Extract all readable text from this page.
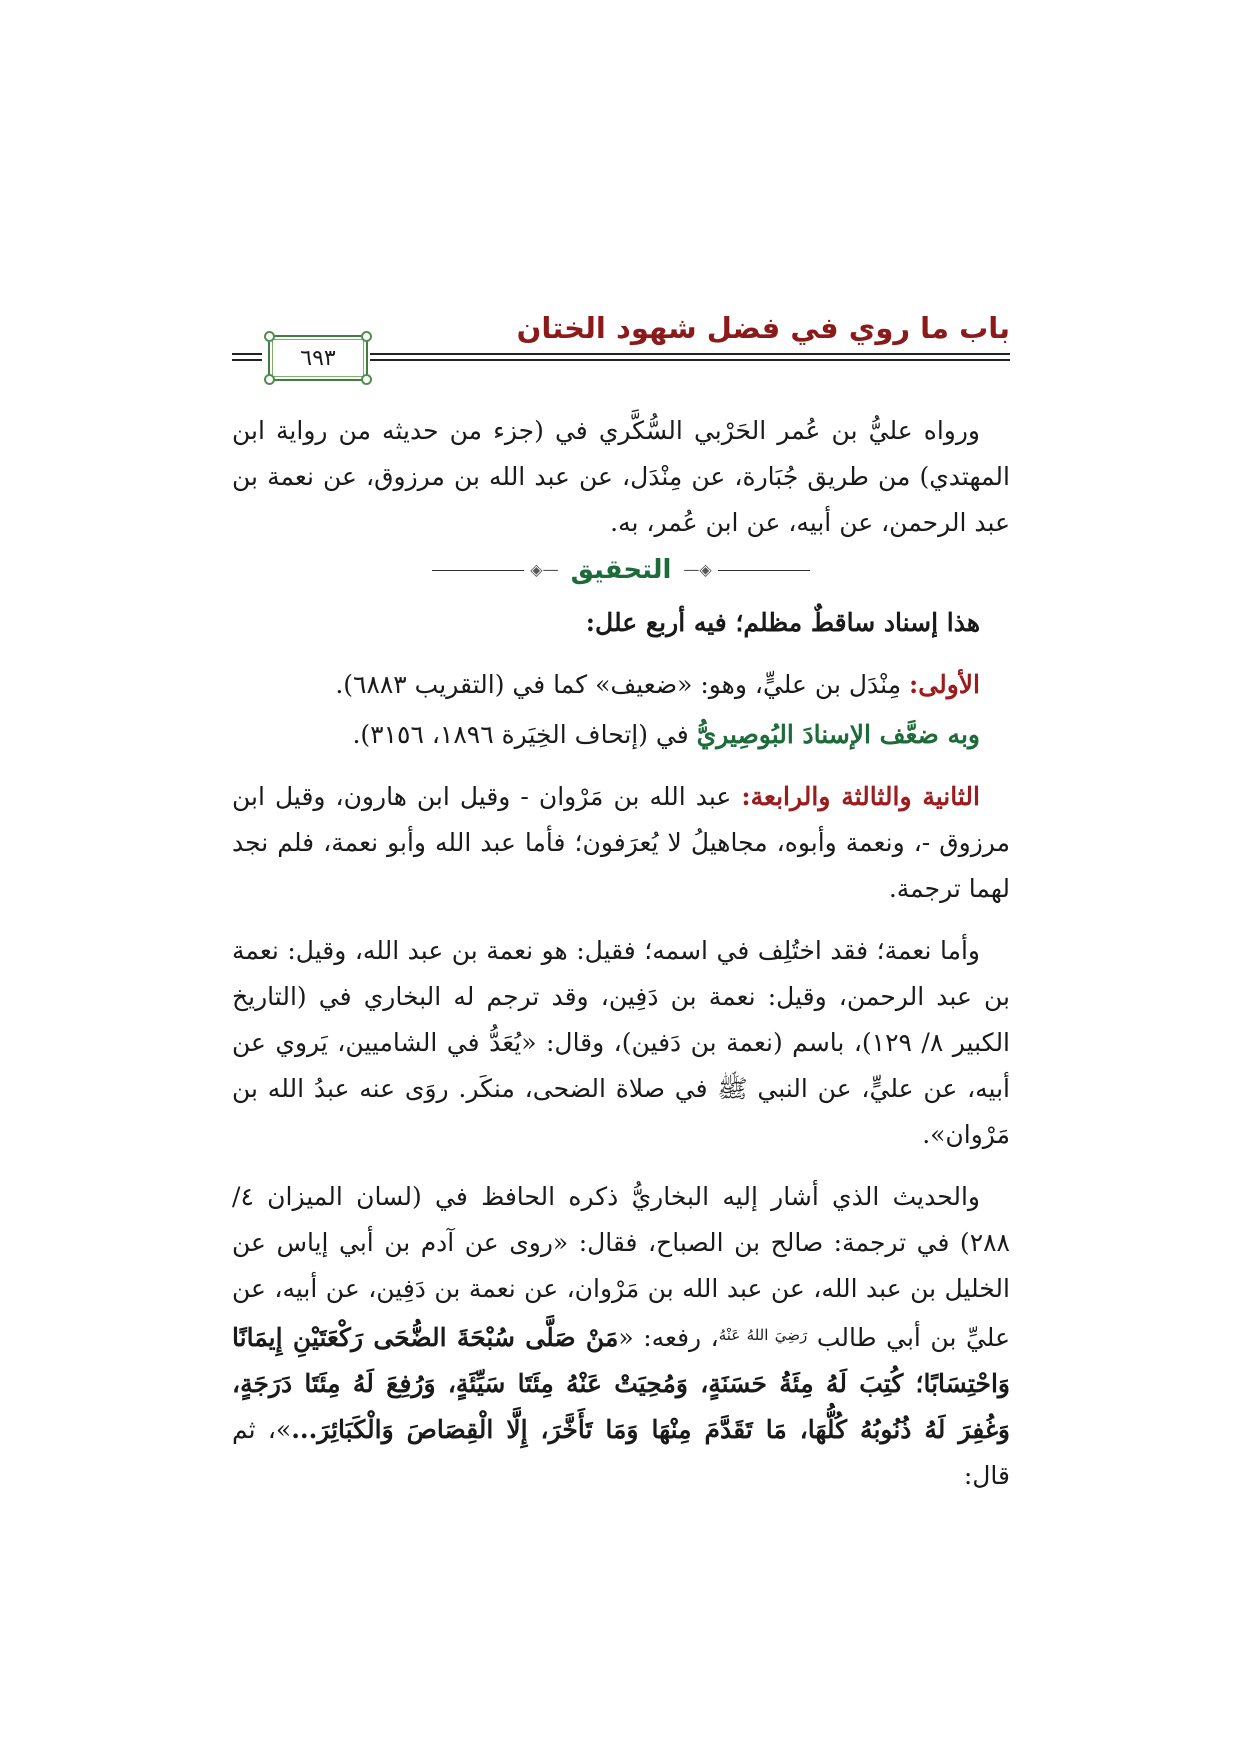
باب ما روي في فضل شهود الختان
٦٩٣

ورواه عليُّ بن عُمر الحَرْبي السُّكَّري في (جزء من حديثه من رواية ابن المهتدي) من طريق جُبَارة، عن مِنْدَل، عن عبد الله بن مرزوق، عن نعمة بن عبد الرحمن، عن أبيه، عن ابن عُمر، به.

◈—
التحقيق
—◈

هذا إسناد ساقطٌ مظلم؛ فيه أربع علل:

الأولى: مِنْدَل بن عليٍّ، وهو: «ضعيف» كما في (التقريب ٦٨٨٣).

وبه ضعَّف الإسنادَ البُوصِيريُّ في (إتحاف الخِيَرة ١٨٩٦، ٣١٥٦).

الثانية والثالثة والرابعة: عبد الله بن مَرْوان - وقيل ابن هارون، وقيل ابن مرزوق -، ونعمة وأبوه، مجاهيلُ لا يُعرَفون؛ فأما عبد الله وأبو نعمة، فلم نجد لهما ترجمة.

وأما نعمة؛ فقد اختُلِف في اسمه؛ فقيل: هو نعمة بن عبد الله، وقيل: نعمة بن عبد الرحمن، وقيل: نعمة بن دَفِين، وقد ترجم له البخاري في (التاريخ الكبير ٨/ ١٢٩)، باسم (نعمة بن دَفين)، وقال: «يُعَدُّ في الشاميين، يَروي عن أبيه، عن عليٍّ، عن النبي ﷺ في صلاة الضحى، منكَر. روَى عنه عبدُ الله بن مَرْوان».

والحديث الذي أشار إليه البخاريُّ ذكره الحافظ في (لسان الميزان ٤/ ٢٨٨) في ترجمة: صالح بن الصباح، فقال: «روى عن آدم بن أبي إياس عن الخليل بن عبد الله، عن عبد الله بن مَرْوان، عن نعمة بن دَفِين، عن أبيه، عن عليِّ بن أبي طالب $^{رَضِيَ اللهُ عَنْهُ}$، رفعه: «مَنْ صَلَّى سُبْحَةَ الضُّحَى رَكْعَتَيْنِ إِيمَانًا وَاحْتِسَابًا؛ كُتِبَ لَهُ مِئَةُ حَسَنَةٍ، وَمُحِيَتْ عَنْهُ مِئَتَا سَيِّئَةٍ، وَرُفِعَ لَهُ مِئَتَا دَرَجَةٍ، وَغُفِرَ لَهُ ذُنُوبُهُ كُلُّهَا، مَا تَقَدَّمَ مِنْهَا وَمَا تَأَخَّرَ، إِلَّا الْقِصَاصَ وَالْكَبَائِرَ...»، ثم قال:
